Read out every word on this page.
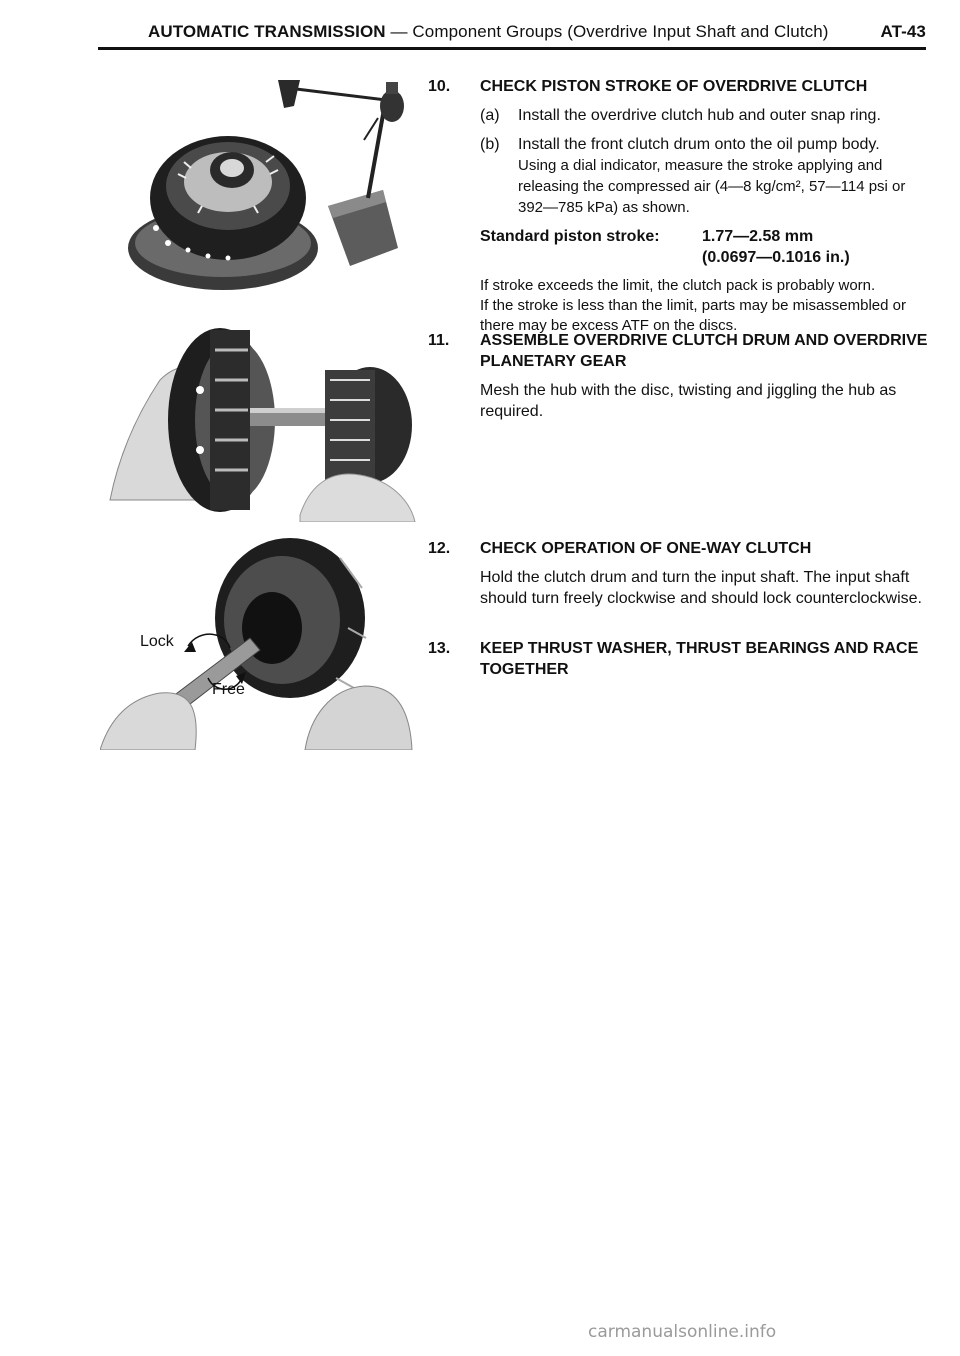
AUTOMATIC TRANSMISSION — Component Groups (Overdrive Input Shaft and Clutch)	AT-43
Lock
Free
10.	CHECK PISTON STROKE OF OVERDRIVE CLUTCH
(a)	Install the overdrive clutch hub and outer snap ring.
(b)	Install the front clutch drum onto the oil pump body.
Using a dial indicator, measure the stroke applying and releasing the compressed air (4—8 kg/cm², 57—114 psi or 392—785 kPa) as shown.
Standard piston stroke:	1.77—2.58 mm
(0.0697—0.1016 in.)
If stroke exceeds the limit, the clutch pack is probably worn.
If the stroke is less than the limit, parts may be misassembled or there may be excess ATF on the discs.
11.	ASSEMBLE OVERDRIVE CLUTCH DRUM AND OVERDRIVE PLANETARY GEAR
Mesh the hub with the disc, twisting and jiggling the hub as required.
12.	CHECK OPERATION OF ONE-WAY CLUTCH
Hold the clutch drum and turn the input shaft. The input shaft should turn freely clockwise and should lock counterclockwise.
13.	KEEP THRUST WASHER, THRUST BEARINGS AND RACE TOGETHER
carmanualsonline.info
